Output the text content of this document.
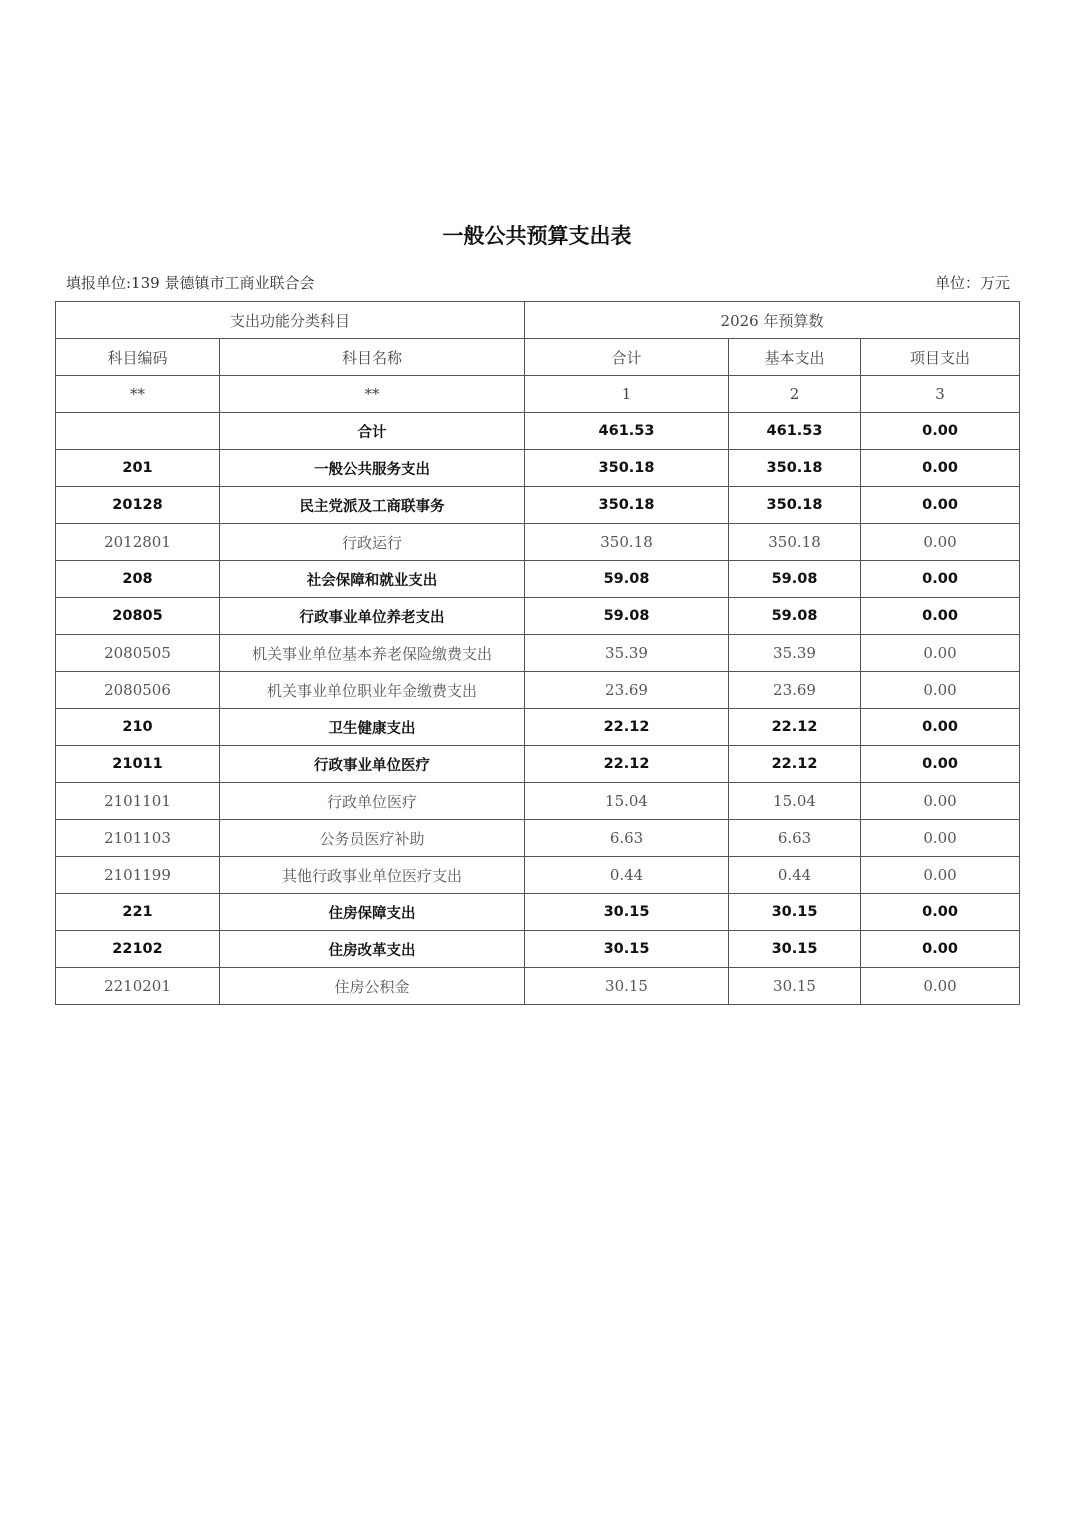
一般公共预算支出表
填报单位:139 景德镇市工商业联合会	单位：万元
支出功能分类科目		2026 年预算数		
科目编码	科目名称	合计	基本支出	项目支出
**	**	1	2	3
	合计	461.53	461.53	0.00
201	一般公共服务支出	350.18	350.18	0.00
20128	民主党派及工商联事务	350.18	350.18	0.00
2012801	行政运行	350.18	350.18	0.00
208	社会保障和就业支出	59.08	59.08	0.00
20805	行政事业单位养老支出	59.08	59.08	0.00
2080505	机关事业单位基本养老保险缴费支出	35.39	35.39	0.00
2080506	机关事业单位职业年金缴费支出	23.69	23.69	0.00
210	卫生健康支出	22.12	22.12	0.00
21011	行政事业单位医疗	22.12	22.12	0.00
2101101	行政单位医疗	15.04	15.04	0.00
2101103	公务员医疗补助	6.63	6.63	0.00
2101199	其他行政事业单位医疗支出	0.44	0.44	0.00
221	住房保障支出	30.15	30.15	0.00
22102	住房改革支出	30.15	30.15	0.00
2210201	住房公积金	30.15	30.15	0.00
